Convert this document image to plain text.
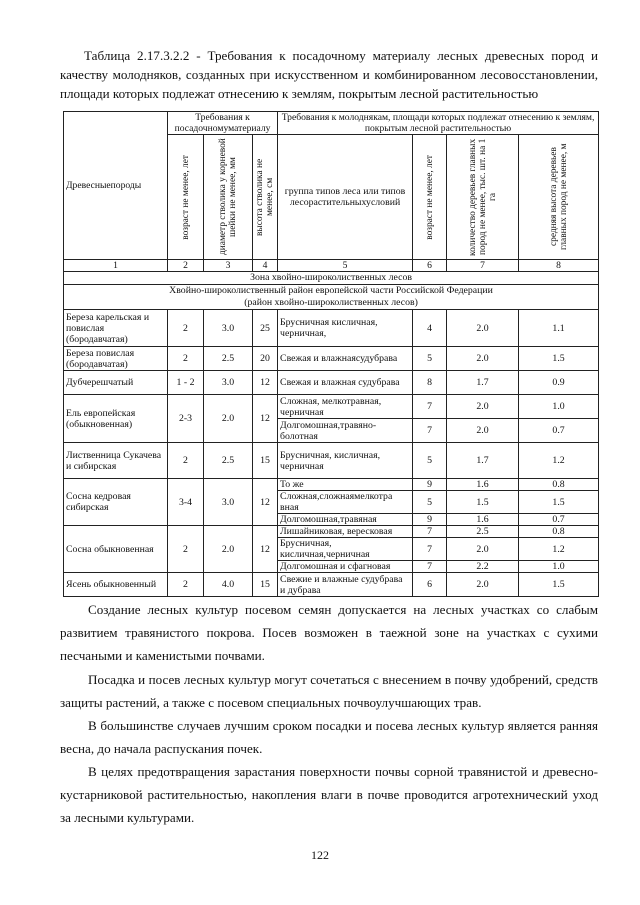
Таблица 2.17.3.2.2 - Требования к посадочному материалу лесных древесных пород и качеству молодняков, созданных при искусственном и комбинированном лесовосстановлении, площади которых подлежат отнесению к землям, покрытым лесной растительностью
Древесныепороды	Требования к посадочномуматериалу			Требования к молоднякам, площади которых подлежат отнесению к землям, покрытым лесной растительностью			

	возраст не менее, лет	диаметр стволика у корневой шейки не менее, мм	высота стволика не менее, см	группа типов леса или типов лесорастительныхусловий	возраст не менее, лет	количество деревьев главных пород не менее, тыс. шт. на 1 га	средняя высота деревьев главных пород не менее, м

1	2	3	4	5	6	7	8
Зона хвойно-широколиственных лесов							
Хвойно-широколиственный район европейской части Российской Федерации
(район хвойно-широколиственных лесов)							
Береза карельская и повислая (бородавчатая)	2	3.0	25	Брусничная кисличная, черничная,	4	2.0	1.1
Береза повислая (бородавчатая)	2	2.5	20	Свежая и влажнаясудубрава	5	2.0	1.5
Дубчерешчатый	1 - 2	3.0	12	Свежая и влажная судубрава	8	1.7	0.9
Ель европейская (обыкновенная)	2-3	2.0	12	Сложная, мелкотравная, черничная	7	2.0	1.0
				Долгомошная,травяно-болотная	7	2.0	0.7
Лиственница Сукачева и сибирская	2	2.5	15	Брусничная, кисличная, черничная	5	1.7	1.2
Сосна кедровая сибирская	3-4	3.0	12	То же	9	1.6	0.8
				Сложная,сложнаямелкотра вная	5	1.5	1.5
				Долгомошная,травяная	9	1.6	0.7
Сосна обыкновенная	2	2.0	12	Лишайниковая, вересковая	7	2.5	0.8
				Брусничная, кисличная,черничная	7	2.0	1.2
				Долгомошная и сфагновая	7	2.2	1.0
Ясень обыкновенный	2	4.0	15	Свежие и влажные судубрава и дубрава	6	2.0	1.5

Создание лесных культур посевом семян допускается на лесных участках со слабым развитием травянистого покрова. Посев возможен в таежной зоне на участках с сухими песчаными и каменистыми почвами.

Посадка и посев лесных культур могут сочетаться с внесением в почву удобрений, средств защиты растений, а также с посевом специальных почвоулучшающих трав.

В большинстве случаев лучшим сроком посадки и посева лесных культур является ранняя весна, до начала распускания почек.

В целях предотвращения зарастания поверхности почвы сорной травянистой и древесно-кустарниковой растительностью, накопления влаги в почве проводится агротехнический уход за лесными культурами.

122
